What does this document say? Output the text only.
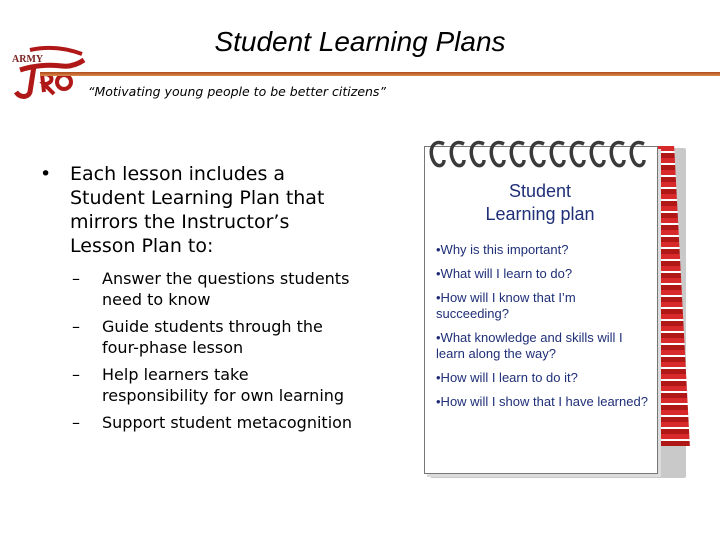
ARMY
Student Learning Plans
“Motivating young people to be better citizens”
• Each lesson includes a Student Learning Plan that mirrors the Instructor’s Lesson Plan to:
– Answer the questions students need to know
– Guide students through the four-phase lesson
– Help learners take responsibility for own learning
– Support student metacognition
Student
Learning plan
•Why is this important?
•What will I learn to do?
•How will I know that I’m succeeding?
•What knowledge and skills will I learn along the way?
•How will I learn to do it?
•How will I show that I have learned?
